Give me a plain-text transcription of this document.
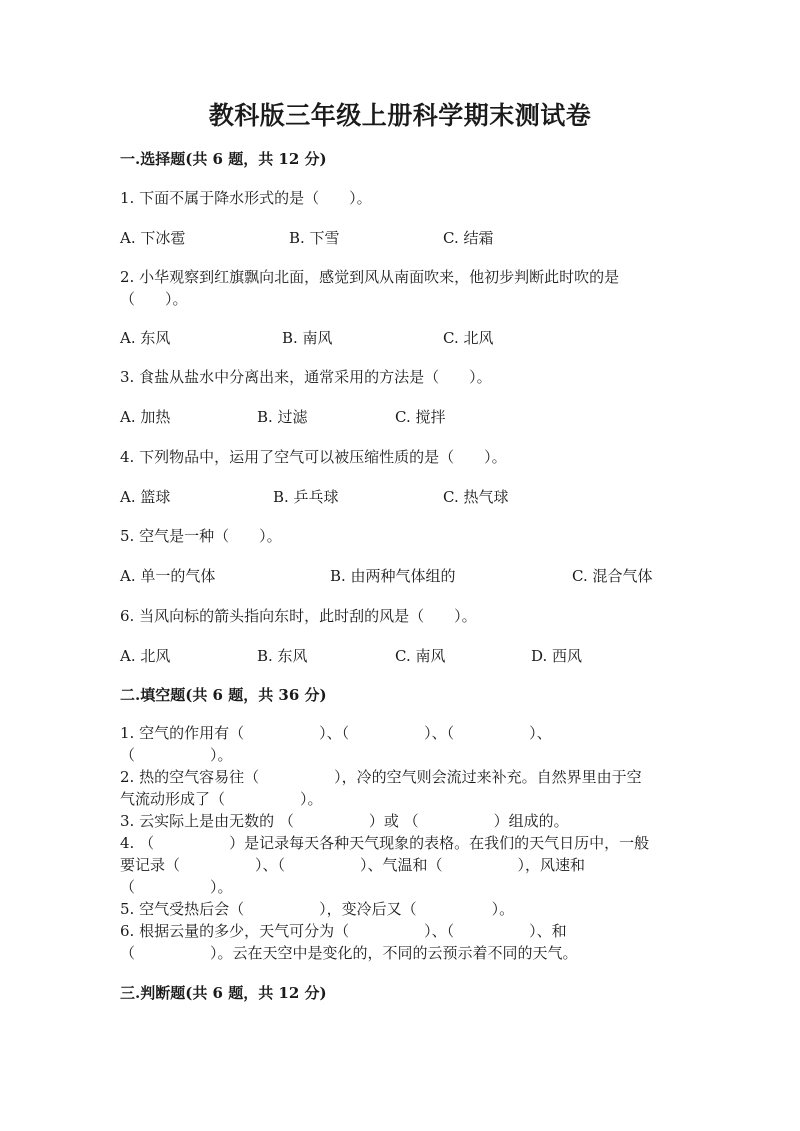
教科版三年级上册科学期末测试卷
一.选择题(共 6 题，共 12 分)
1. 下面不属于降水形式的是（　　）。
A. 下冰雹	B. 下雪	C. 结霜
2. 小华观察到红旗飘向北面，感觉到风从南面吹来，他初步判断此时吹的是
（　　）。
A. 东风	B. 南风	C. 北风
3. 食盐从盐水中分离出来，通常采用的方法是（　　）。
A. 加热	B. 过滤	C. 搅拌
4. 下列物品中，运用了空气可以被压缩性质的是（　　）。
A. 篮球	B. 乒乓球	C. 热气球
5. 空气是一种（　　）。
A. 单一的气体	B. 由两种气体组的	C. 混合气体
6. 当风向标的箭头指向东时，此时刮的风是（　　）。
A. 北风	B. 东风	C. 南风	D. 西风
二.填空题(共 6 题，共 36 分)
1. 空气的作用有（　　　　　）、（　　　　　）、（　　　　　）、
（　　　　　）。
2. 热的空气容易往（　　　　　），冷的空气则会流过来补充。自然界里由于空
气流动形成了（　　　　　）。
3. 云实际上是由无数的 （　　　　　）或 （　　　　　）组成的。
4. （　　　　　）是记录每天各种天气现象的表格。在我们的天气日历中，一般
要记录（　　　　　）、（　　　　　）、气温和（　　　　　），风速和
（　　　　　）。
5. 空气受热后会（　　　　　），变冷后又（　　　　　）。
6. 根据云量的多少，天气可分为（　　　　　）、（　　　　　）、和
（　　　　　）。云在天空中是变化的，不同的云预示着不同的天气。
三.判断题(共 6 题，共 12 分)
